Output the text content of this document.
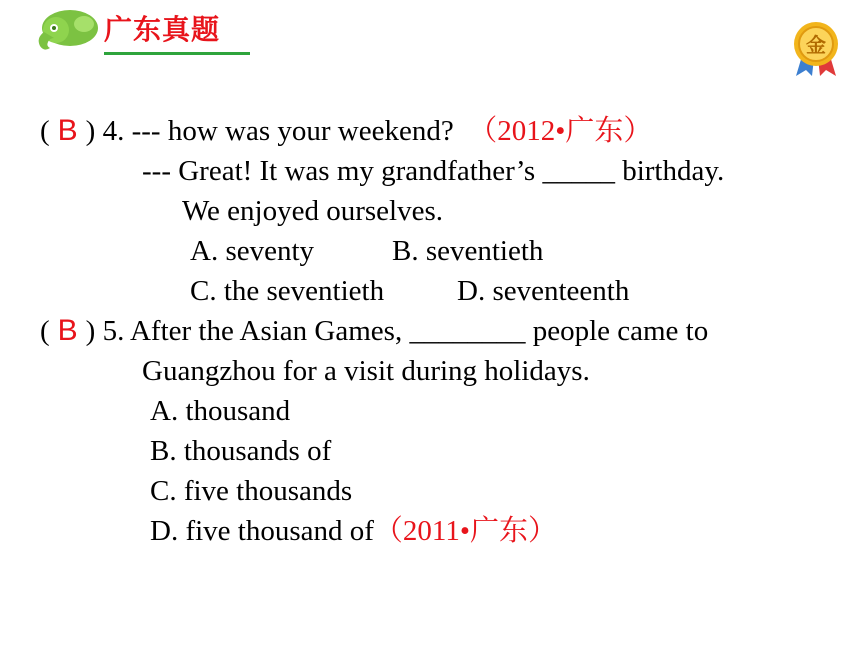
广东真题	金
( B ) 4. --- how was your weekend?  （2012•广东）
--- Great! It was my grandfather’s _____ birthday.
We enjoyed ourselves.
A. seventy	B. seventieth
C. the seventieth	D. seventeenth
( B ) 5. After the Asian Games, ________ people came to
Guangzhou for a visit during holidays.
A. thousand
B. thousands of
C. five thousands
D. five thousand of（2011•广东）
